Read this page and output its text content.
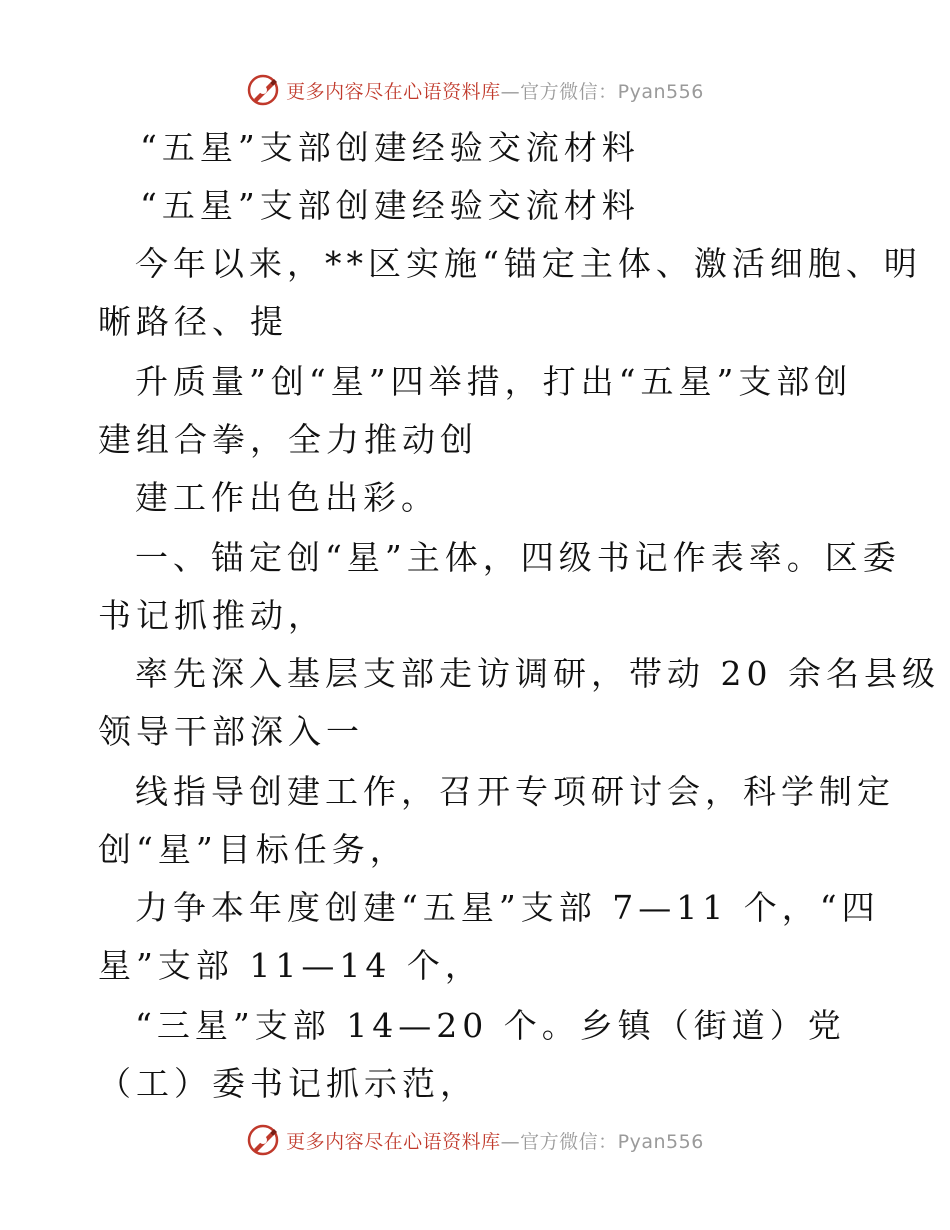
更多内容尽在心语资料库—官方微信：Pyan556
“五星”支部创建经验交流材料
“五星”支部创建经验交流材料
今年以来，**区实施“锚定主体、激活细胞、明
晰路径、提
升质量”创“星”四举措，打出“五星”支部创
建组合拳，全力推动创
建工作出色出彩。
一、锚定创“星”主体，四级书记作表率。区委
书记抓推动，
率先深入基层支部走访调研，带动 20 余名县级
领导干部深入一
线指导创建工作，召开专项研讨会，科学制定
创“星”目标任务，
力争本年度创建“五星”支部 7—11 个，“四
星”支部 11—14 个，
“三星”支部 14—20 个。乡镇（街道）党
（工）委书记抓示范，
更多内容尽在心语资料库—官方微信：Pyan556
